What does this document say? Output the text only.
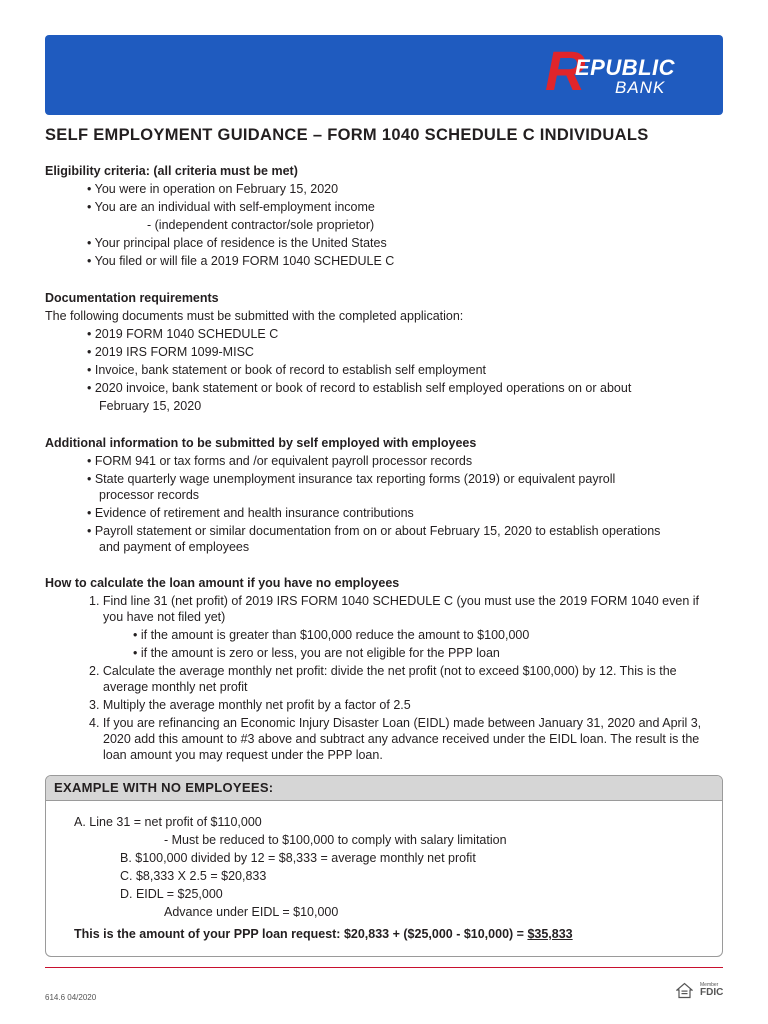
R
EPUBLIC
BANK
SELF EMPLOYMENT GUIDANCE – FORM 1040 SCHEDULE C INDIVIDUALS
Eligibility criteria: (all criteria must be met)
• You were in operation on February 15, 2020
• You are an individual with self-employment income
- (independent contractor/sole proprietor)
• Your principal place of residence is the United States
• You filed or will file a 2019 FORM 1040 SCHEDULE C
Documentation requirements
The following documents must be submitted with the completed application:
• 2019 FORM 1040 SCHEDULE C
• 2019 IRS FORM 1099-MISC
• Invoice, bank statement or book of record to establish self employment
• 2020 invoice, bank statement or book of record to establish self employed operations on or about
February 15, 2020
Additional information to be submitted by self employed with employees
• FORM 941 or tax forms and /or equivalent payroll processor records
• State quarterly wage unemployment insurance tax reporting forms (2019) or equivalent payroll
processor records
• Evidence of retirement and health insurance contributions
• Payroll statement or similar documentation from on or about February 15, 2020 to establish operations
and payment of employees
How to calculate the loan amount if you have no employees
1. Find line 31 (net profit) of 2019 IRS FORM 1040 SCHEDULE C (you must use the 2019 FORM 1040 even if
you have not filed yet)
• if the amount is greater than $100,000 reduce the amount to $100,000
• if the amount is zero or less, you are not eligible for the PPP loan
2. Calculate the average monthly net profit: divide the net profit (not to exceed $100,000) by 12. This is the
average monthly net profit
3. Multiply the average monthly net profit by a factor of 2.5
4. If you are refinancing an Economic Injury Disaster Loan (EIDL) made between January 31, 2020 and April 3,
2020 add this amount to #3 above and subtract any advance received under the EIDL loan. The result is the
loan amount you may request under the PPP loan.
EXAMPLE WITH NO EMPLOYEES:
A. Line 31 = net profit of $110,000
- Must be reduced to $100,000 to comply with salary limitation
B. $100,000 divided by 12 = $8,333 = average monthly net profit
C. $8,333 X 2.5 = $20,833
D. EIDL = $25,000
Advance under EIDL = $10,000
This is the amount of your PPP loan request: $20,833 + ($25,000 - $10,000) = $35,833
614.6 04/2020
Member
FDIC
